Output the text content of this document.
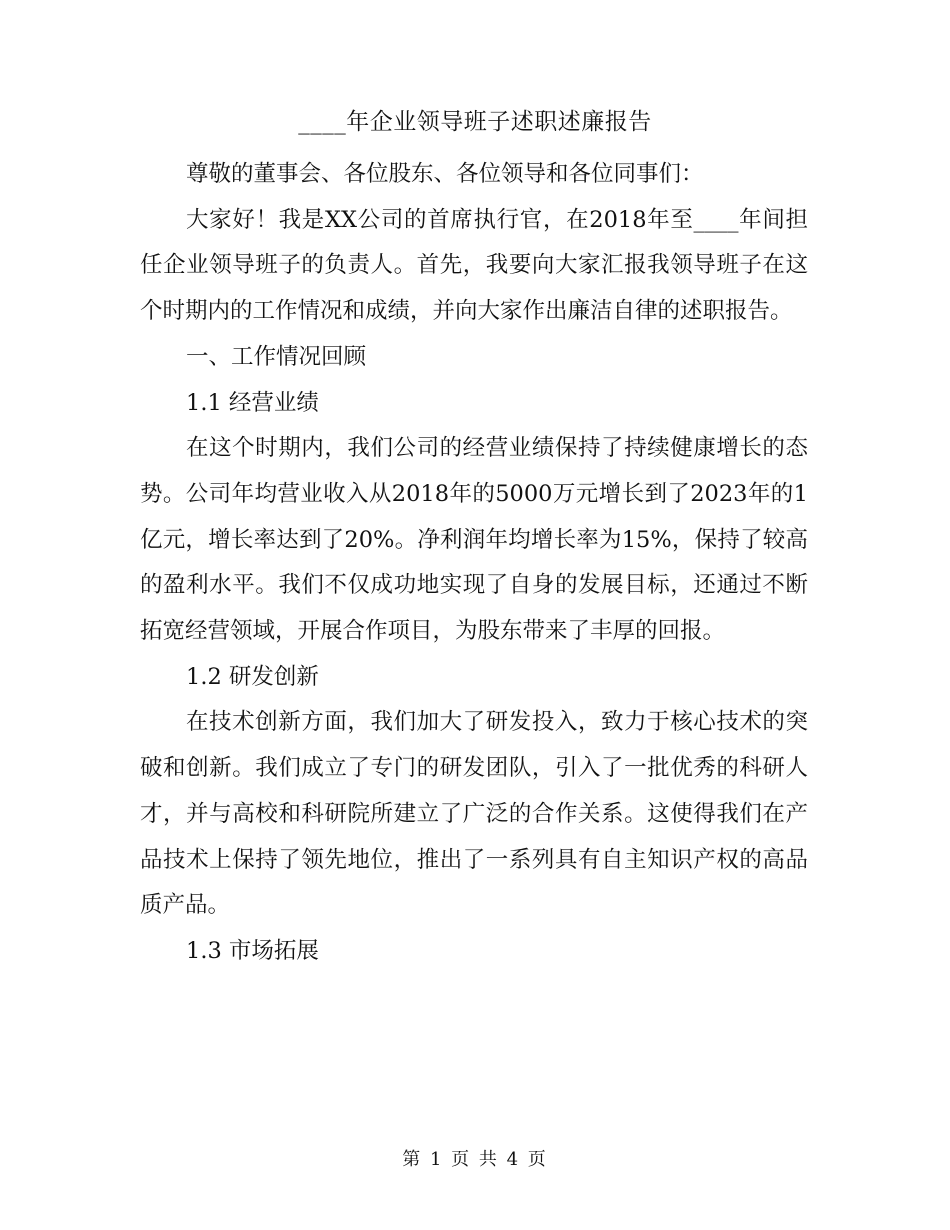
____年企业领导班子述职述廉报告

尊敬的董事会、各位股东、各位领导和各位同事们：

大家好！我是XX公司的首席执行官，在2018年至____年间担任企业领导班子的负责人。首先，我要向大家汇报我领导班子在这个时期内的工作情况和成绩，并向大家作出廉洁自律的述职报告。

一、工作情况回顾

1.1 经营业绩

在这个时期内，我们公司的经营业绩保持了持续健康增长的态势。公司年均营业收入从2018年的5000万元增长到了2023年的1亿元，增长率达到了20%。净利润年均增长率为15%，保持了较高的盈利水平。我们不仅成功地实现了自身的发展目标，还通过不断拓宽经营领域，开展合作项目，为股东带来了丰厚的回报。

1.2 研发创新

在技术创新方面，我们加大了研发投入，致力于核心技术的突破和创新。我们成立了专门的研发团队，引入了一批优秀的科研人才，并与高校和科研院所建立了广泛的合作关系。这使得我们在产品技术上保持了领先地位，推出了一系列具有自主知识产权的高品质产品。

1.3 市场拓展

第 1 页 共 4 页
